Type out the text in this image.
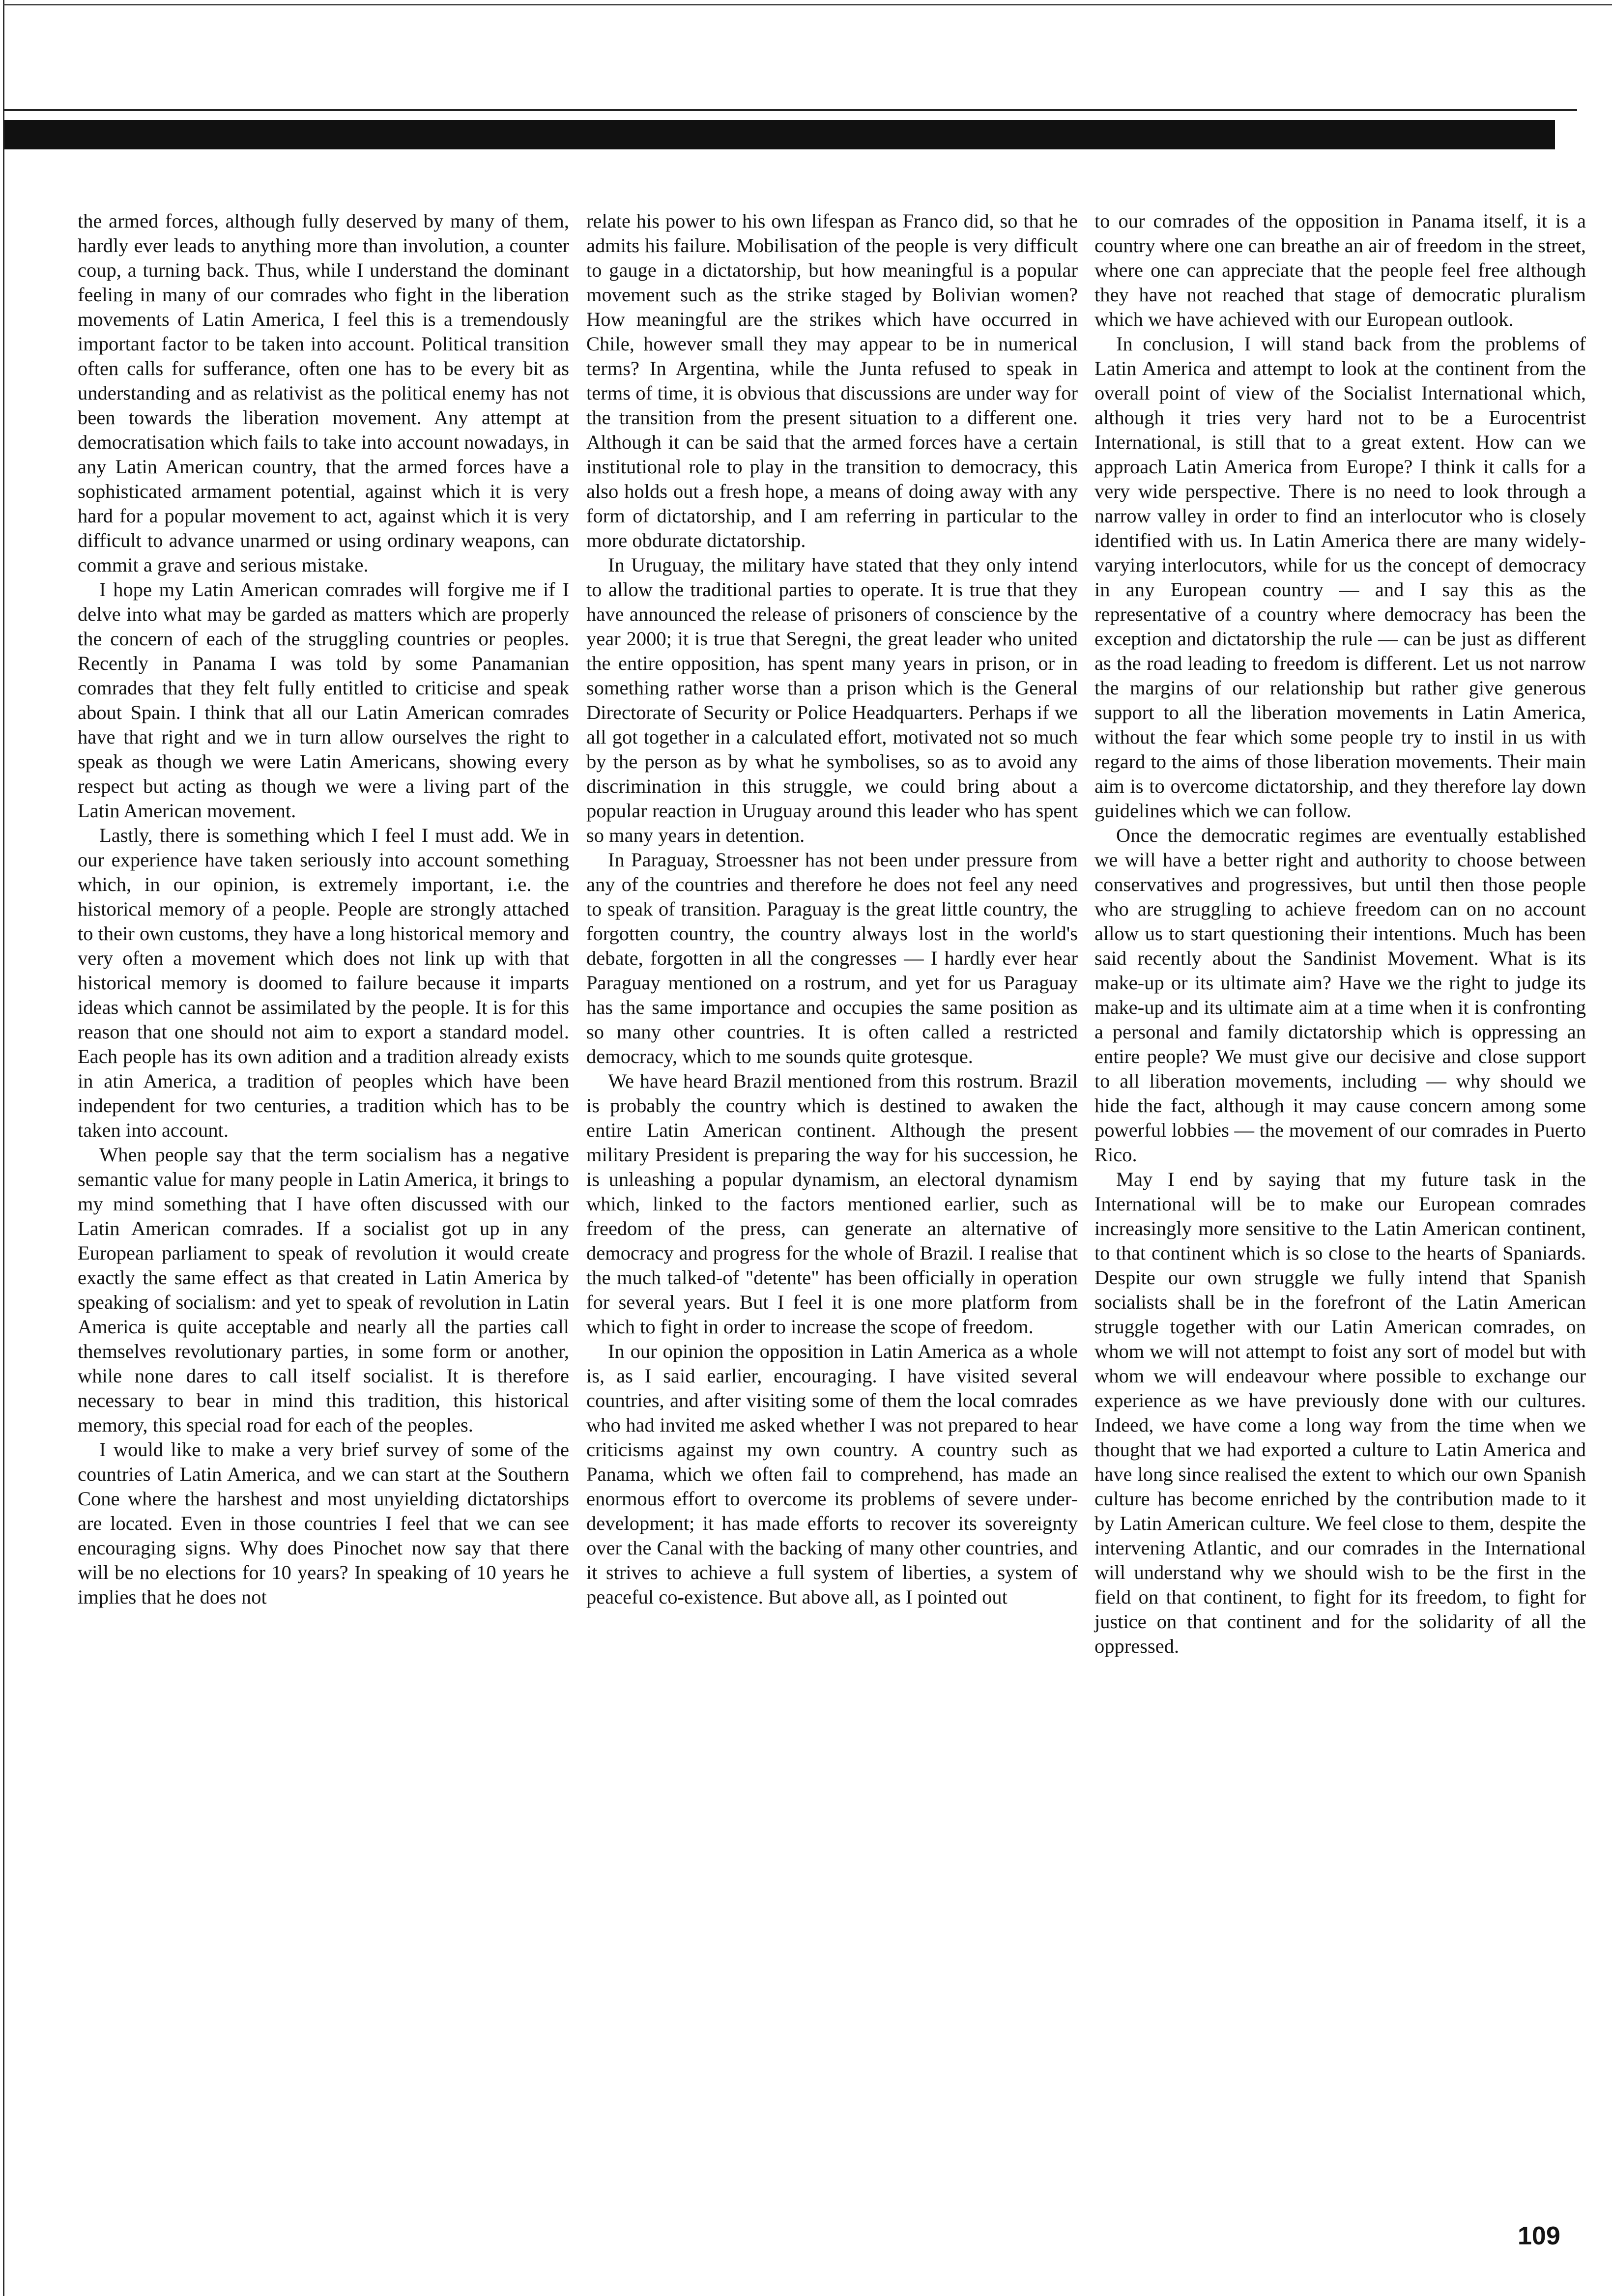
the armed forces, although fully deserved by many of them, hardly ever leads to anything more than involution, a counter coup, a turning back. Thus, while I understand the dominant feeling in many of our comrades who fight in the liberation movements of Latin America, I feel this is a tremendously important factor to be taken into account. Political transition often calls for sufferance, often one has to be every bit as understanding and as relativist as the political enemy has not been towards the liberation movement. Any attempt at democratisation which fails to take into account nowadays, in any Latin American country, that the armed forces have a sophisticated armament potential, against which it is very hard for a popular movement to act, against which it is very difficult to advance unarmed or using ordinary weapons, can commit a grave and serious mistake.

I hope my Latin American comrades will forgive me if I delve into what may be garded as matters which are properly the concern of each of the struggling countries or peoples. Recently in Panama I was told by some Panamanian comrades that they felt fully entitled to criticise and speak about Spain. I think that all our Latin American comrades have that right and we in turn allow ourselves the right to speak as though we were Latin Americans, showing every respect but acting as though we were a living part of the Latin American movement.

Lastly, there is something which I feel I must add. We in our experience have taken seriously into account something which, in our opinion, is extremely important, i.e. the historical memory of a people. People are strongly attached to their own customs, they have a long historical memory and very often a movement which does not link up with that historical memory is doomed to failure because it imparts ideas which cannot be assimilated by the people. It is for this reason that one should not aim to export a standard model. Each people has its own adition and a tradition already exists in atin America, a tradition of peoples which have been independent for two centuries, a tradition which has to be taken into account.

When people say that the term socialism has a negative semantic value for many people in Latin America, it brings to my mind something that I have often discussed with our Latin American comrades. If a socialist got up in any European parliament to speak of revolution it would create exactly the same effect as that created in Latin America by speaking of socialism: and yet to speak of revolution in Latin America is quite acceptable and nearly all the parties call themselves revolutionary parties, in some form or another, while none dares to call itself socialist. It is therefore necessary to bear in mind this tradition, this historical memory, this special road for each of the peoples.

I would like to make a very brief survey of some of the countries of Latin America, and we can start at the Southern Cone where the harshest and most unyielding dictatorships are located. Even in those countries I feel that we can see encouraging signs. Why does Pinochet now say that there will be no elections for 10 years? In speaking of 10 years he implies that he does not

relate his power to his own lifespan as Franco did, so that he admits his failure. Mobilisation of the people is very difficult to gauge in a dictatorship, but how meaningful is a popular movement such as the strike staged by Bolivian women? How meaningful are the strikes which have occurred in Chile, however small they may appear to be in numerical terms? In Argentina, while the Junta refused to speak in terms of time, it is obvious that discussions are under way for the transition from the present situation to a different one. Although it can be said that the armed forces have a certain institutional role to play in the transition to democracy, this also holds out a fresh hope, a means of doing away with any form of dictatorship, and I am referring in particular to the more obdurate dictatorship.

In Uruguay, the military have stated that they only intend to allow the traditional parties to operate. It is true that they have announced the release of prisoners of conscience by the year 2000; it is true that Seregni, the great leader who united the entire opposition, has spent many years in prison, or in something rather worse than a prison which is the General Directorate of Security or Police Headquarters. Perhaps if we all got together in a calculated effort, motivated not so much by the person as by what he symbolises, so as to avoid any discrimination in this struggle, we could bring about a popular reaction in Uruguay around this leader who has spent so many years in detention.

In Paraguay, Stroessner has not been under pressure from any of the countries and therefore he does not feel any need to speak of transition. Paraguay is the great little country, the forgotten country, the country always lost in the world's debate, forgotten in all the congresses — I hardly ever hear Paraguay mentioned on a rostrum, and yet for us Paraguay has the same importance and occupies the same position as so many other countries. It is often called a restricted democracy, which to me sounds quite grotesque.

We have heard Brazil mentioned from this rostrum. Brazil is probably the country which is destined to awaken the entire Latin American continent. Although the present military President is preparing the way for his succession, he is unleashing a popular dynamism, an electoral dynamism which, linked to the factors mentioned earlier, such as freedom of the press, can generate an alternative of democracy and progress for the whole of Brazil. I realise that the much talked-of "detente" has been officially in operation for several years. But I feel it is one more platform from which to fight in order to increase the scope of freedom.

In our opinion the opposition in Latin America as a whole is, as I said earlier, encouraging. I have visited several countries, and after visiting some of them the local comrades who had invited me asked whether I was not prepared to hear criticisms against my own country. A country such as Panama, which we often fail to comprehend, has made an enormous effort to overcome its problems of severe under-development; it has made efforts to recover its sovereignty over the Canal with the backing of many other countries, and it strives to achieve a full system of liberties, a system of peaceful co-existence. But above all, as I pointed out

to our comrades of the opposition in Panama itself, it is a country where one can breathe an air of freedom in the street, where one can appreciate that the people feel free although they have not reached that stage of democratic pluralism which we have achieved with our European outlook.

In conclusion, I will stand back from the problems of Latin America and attempt to look at the continent from the overall point of view of the Socialist International which, although it tries very hard not to be a Eurocentrist International, is still that to a great extent. How can we approach Latin America from Europe? I think it calls for a very wide perspective. There is no need to look through a narrow valley in order to find an interlocutor who is closely identified with us. In Latin America there are many widely-varying interlocutors, while for us the concept of democracy in any European country — and I say this as the representative of a country where democracy has been the exception and dictatorship the rule — can be just as different as the road leading to freedom is different. Let us not narrow the margins of our relationship but rather give generous support to all the liberation movements in Latin America, without the fear which some people try to instil in us with regard to the aims of those liberation movements. Their main aim is to overcome dictatorship, and they therefore lay down guidelines which we can follow.

Once the democratic regimes are eventually established we will have a better right and authority to choose between conservatives and progressives, but until then those people who are struggling to achieve freedom can on no account allow us to start questioning their intentions. Much has been said recently about the Sandinist Movement. What is its make-up or its ultimate aim? Have we the right to judge its make-up and its ultimate aim at a time when it is confronting a personal and family dictatorship which is oppressing an entire people? We must give our decisive and close support to all liberation movements, including — why should we hide the fact, although it may cause concern among some powerful lobbies — the movement of our comrades in Puerto Rico.

May I end by saying that my future task in the International will be to make our European comrades increasingly more sensitive to the Latin American continent, to that continent which is so close to the hearts of Spaniards. Despite our own struggle we fully intend that Spanish socialists shall be in the forefront of the Latin American struggle together with our Latin American comrades, on whom we will not attempt to foist any sort of model but with whom we will endeavour where possible to exchange our experience as we have previously done with our cultures. Indeed, we have come a long way from the time when we thought that we had exported a culture to Latin America and have long since realised the extent to which our own Spanish culture has become enriched by the contribution made to it by Latin American culture. We feel close to them, despite the intervening Atlantic, and our comrades in the International will understand why we should wish to be the first in the field on that continent, to fight for its freedom, to fight for justice on that continent and for the solidarity of all the oppressed.

109
